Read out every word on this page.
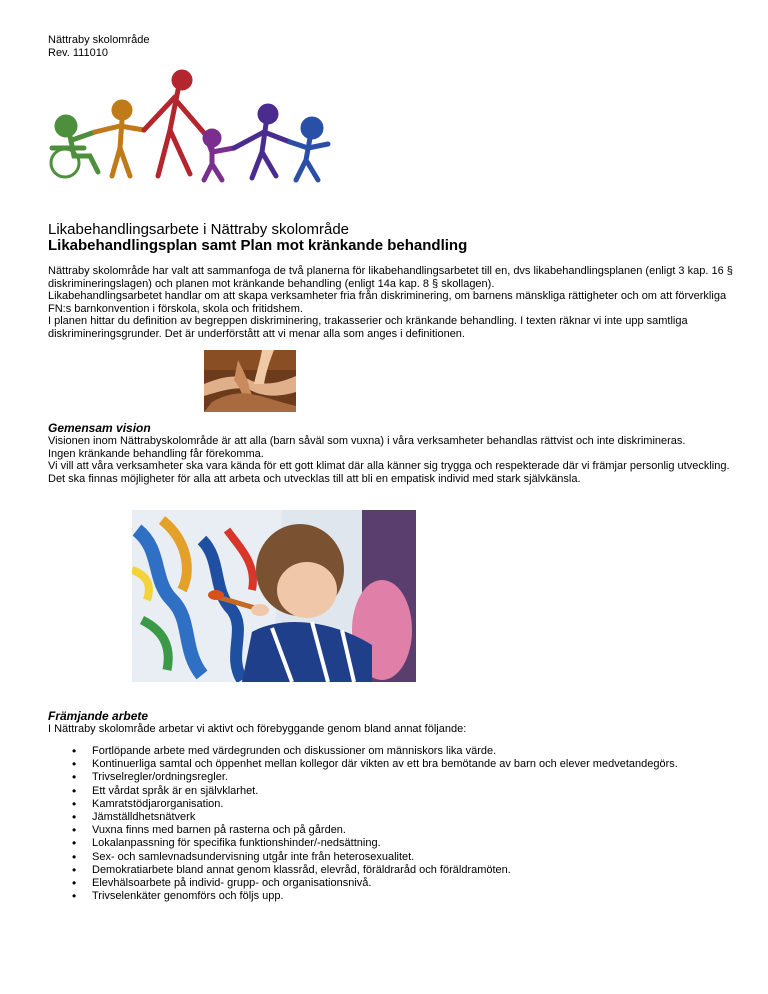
Nättraby skolområde
Rev. 111010
Likabehandlingsarbete i Nättraby skolområde
Likabehandlingsplan samt Plan mot kränkande behandling

Nättraby skolområde har valt att sammanfoga de två planerna för likabehandlingsarbetet till en, dvs likabehandlingsplanen (enligt 3 kap. 16 § diskrimineringslagen) och planen mot kränkande behandling (enligt 14a kap. 8 § skollagen).

Likabehandlingsarbetet handlar om att skapa verksamheter fria från diskriminering, om barnens mänskliga rättigheter och om att förverkliga FN:s barnkonvention i förskola, skola och fritidshem.

I planen hittar du definition av begreppen diskriminering, trakasserier och kränkande behandling. I texten räknar vi inte upp samtliga diskrimineringsgrunder. Det är underförstått att vi menar alla som anges i definitionen.

Gemensam vision

Visionen inom Nättrabyskolområde är att alla (barn såväl som vuxna) i våra verksamheter behandlas rättvist och inte diskrimineras.

Ingen kränkande behandling får förekomma.

Vi vill att våra verksamheter ska vara kända för ett gott klimat där alla känner sig trygga och respekterade där vi främjar personlig utveckling. Det ska finnas möjligheter för alla att arbeta och utvecklas till att bli en empatisk individ med stark självkänsla.

Främjande arbete
I Nättraby skolområde arbetar vi aktivt och förebyggande genom bland annat följande:
• Fortlöpande arbete med värdegrunden och diskussioner om människors lika värde.
• Kontinuerliga samtal och öppenhet mellan kollegor där vikten av ett bra bemötande av barn och elever medvetandegörs.
• Trivselregler/ordningsregler.
• Ett vårdat språk är en självklarhet.
• Kamratstödjarorganisation.
• Jämställdhetsnätverk
• Vuxna finns med barnen på rasterna och på gården.
• Lokalanpassning för specifika funktionshinder/-nedsättning.
• Sex- och samlevnadsundervisning utgår inte från heterosexualitet.
• Demokratiarbete bland annat genom klassråd, elevråd, föräldraråd och föräldramöten.
• Elevhälsoarbete på individ- grupp- och organisationsnivå.
• Trivselenkäter genomförs och följs upp.
